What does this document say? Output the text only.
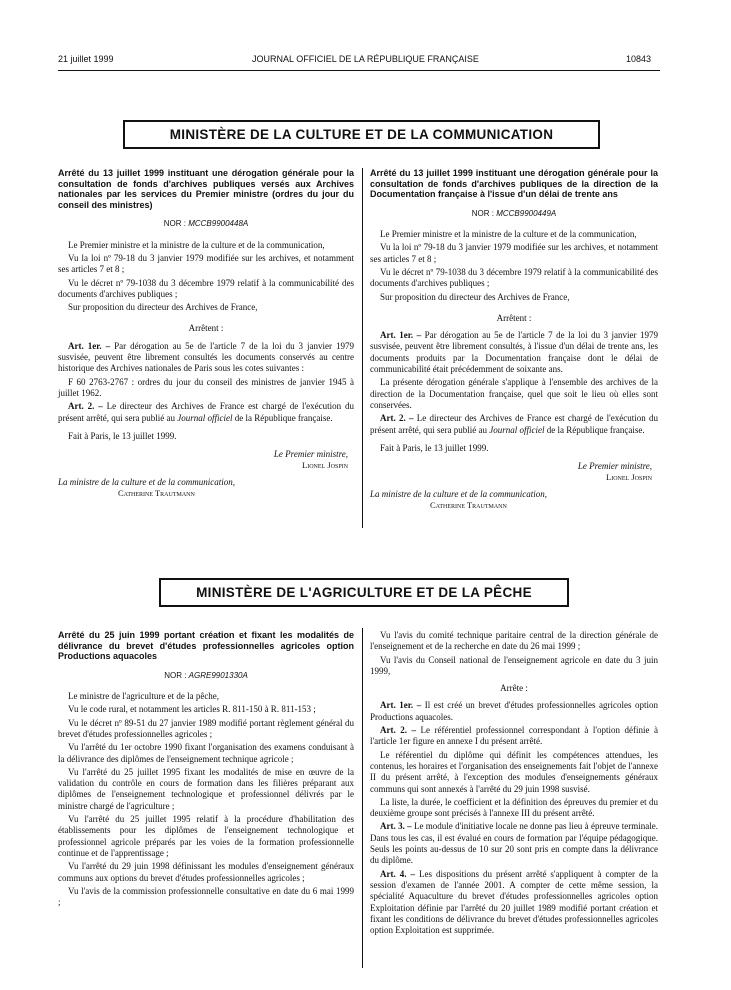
21 juillet 1999	JOURNAL OFFICIEL DE LA RÉPUBLIQUE FRANÇAISE	10843
MINISTÈRE DE LA CULTURE ET DE LA COMMUNICATION
Arrêté du 13 juillet 1999 instituant une dérogation générale pour la consultation de fonds d'archives publiques versés aux Archives nationales par les services du Premier ministre (ordres du jour du conseil des ministres)
NOR : MCCB9900448A

Le Premier ministre et la ministre de la culture et de la communication,

Vu la loi nº 79-18 du 3 janvier 1979 modifiée sur les archives, et notamment ses articles 7 et 8 ;

Vu le décret nº 79-1038 du 3 décembre 1979 relatif à la communicabilité des documents d'archives publiques ;

Sur proposition du directeur des Archives de France,

Arrêtent :

Art. 1er. – Par dérogation au 5e de l'article 7 de la loi du 3 janvier 1979 susvisée, peuvent être librement consultés les documents conservés au centre historique des Archives nationales de Paris sous les cotes suivantes :

F 60 2763-2767 : ordres du jour du conseil des ministres de janvier 1945 à juillet 1962.

Art. 2. – Le directeur des Archives de France est chargé de l'exécution du présent arrêté, qui sera publié au Journal officiel de la République française.

Fait à Paris, le 13 juillet 1999.

Le Premier ministre,

Lionel Jospin

La ministre de la culture et de la communication,

Catherine Trautmann

Arrêté du 13 juillet 1999 instituant une dérogation générale pour la consultation de fonds d'archives publiques de la direction de la Documentation française à l'issue d'un délai de trente ans
NOR : MCCB9900449A

Le Premier ministre et la ministre de la culture et de la communication,

Vu la loi nº 79-18 du 3 janvier 1979 modifiée sur les archives, et notamment ses articles 7 et 8 ;

Vu le décret nº 79-1038 du 3 décembre 1979 relatif à la communicabilité des documents d'archives publiques ;

Sur proposition du directeur des Archives de France,

Arrêtent :

Art. 1er. – Par dérogation au 5e de l'article 7 de la loi du 3 janvier 1979 susvisée, peuvent être librement consultés, à l'issue d'un délai de trente ans, les documents produits par la Documentation française dont le délai de communicabilité était précédemment de soixante ans.

La présente dérogation générale s'applique à l'ensemble des archives de la direction de la Documentation française, quel que soit le lieu où elles sont conservées.

Art. 2. – Le directeur des Archives de France est chargé de l'exécution du présent arrêté, qui sera publié au Journal officiel de la République française.

Fait à Paris, le 13 juillet 1999.

Le Premier ministre,

Lionel Jospin

La ministre de la culture et de la communication,

Catherine Trautmann

MINISTÈRE DE L'AGRICULTURE ET DE LA PÊCHE
Arrêté du 25 juin 1999 portant création et fixant les modalités de délivrance du brevet d'études professionnelles agricoles option Productions aquacoles
NOR : AGRE9901330A

Le ministre de l'agriculture et de la pêche,

Vu le code rural, et notamment les articles R. 811-150 à R. 811-153 ;

Vu le décret nº 89-51 du 27 janvier 1989 modifié portant règlement général du brevet d'études professionnelles agricoles ;

Vu l'arrêté du 1er octobre 1990 fixant l'organisation des examens conduisant à la délivrance des diplômes de l'enseignement technique agricole ;

Vu l'arrêté du 25 juillet 1995 fixant les modalités de mise en œuvre de la validation du contrôle en cours de formation dans les filières préparant aux diplômes de l'enseignement technologique et professionnel délivrés par le ministre chargé de l'agriculture ;

Vu l'arrêté du 25 juillet 1995 relatif à la procédure d'habilitation des établissements pour les diplômes de l'enseignement technologique et professionnel agricole préparés par les voies de la formation professionnelle continue et de l'apprentissage ;

Vu l'arrêté du 29 juin 1998 définissant les modules d'enseignement généraux communs aux options du brevet d'études professionnelles agricoles ;

Vu l'avis de la commission professionnelle consultative en date du 6 mai 1999 ;

Vu l'avis du comité technique paritaire central de la direction générale de l'enseignement et de la recherche en date du 26 mai 1999 ;

Vu l'avis du Conseil national de l'enseignement agricole en date du 3 juin 1999,

Arrête :

Art. 1er. – Il est créé un brevet d'études professionnelles agricoles option Productions aquacoles.

Art. 2. – Le référentiel professionnel correspondant à l'option définie à l'article 1er figure en annexe I du présent arrêté.

Le référentiel du diplôme qui définit les compétences attendues, les contenus, les horaires et l'organisation des enseignements fait l'objet de l'annexe II du présent arrêté, à l'exception des modules d'enseignements généraux communs qui sont annexés à l'arrêté du 29 juin 1998 susvisé.

La liste, la durée, le coefficient et la définition des épreuves du premier et du deuxième groupe sont précisés à l'annexe III du présent arrêté.

Art. 3. – Le module d'initiative locale ne donne pas lieu à épreuve terminale. Dans tous les cas, il est évalué en cours de formation par l'équipe pédagogique. Seuls les points au-dessus de 10 sur 20 sont pris en compte dans la délivrance du diplôme.

Art. 4. – Les dispositions du présent arrêté s'appliquent à compter de la session d'examen de l'année 2001. A compter de cette même session, la spécialité Aquaculture du brevet d'études professionnelles agricoles option Exploitation définie par l'arrêté du 20 juillet 1989 modifié portant création et fixant les conditions de délivrance du brevet d'études professionnelles agricoles option Exploitation est supprimée.
